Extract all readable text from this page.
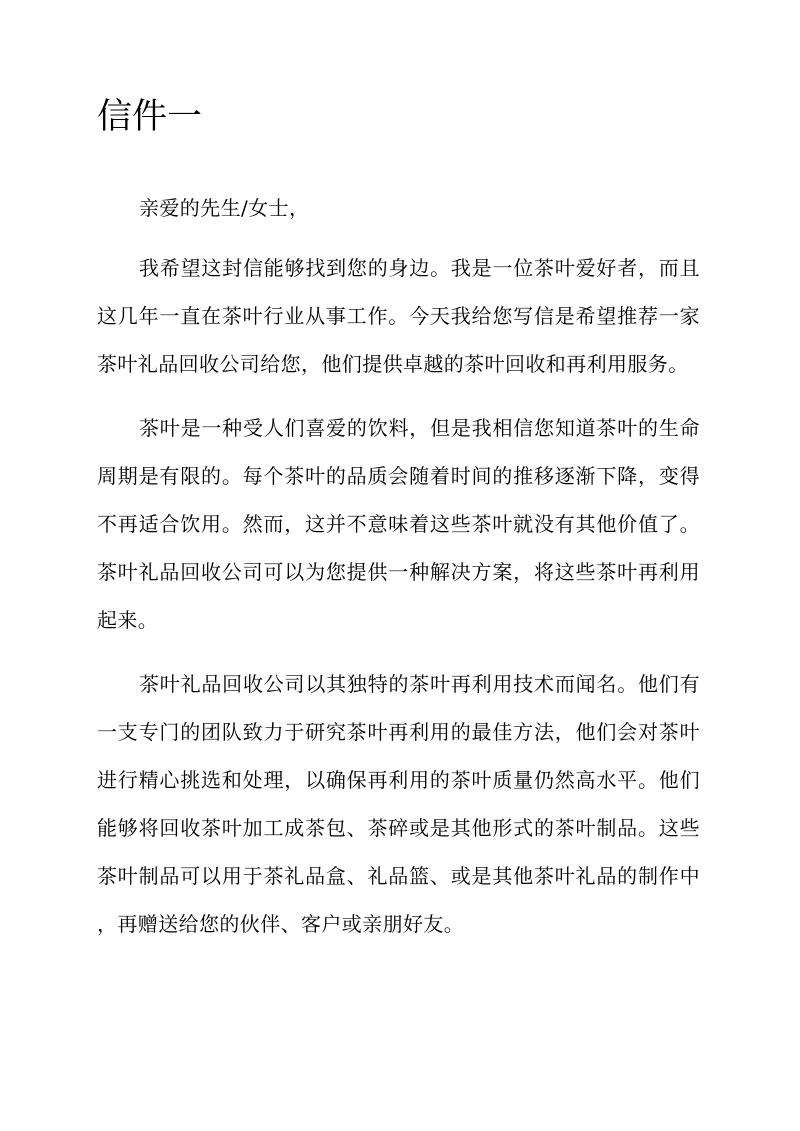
信件一
亲爱的先生/女士，
我希望这封信能够找到您的身边。我是一位茶叶爱好者，而且
这几年一直在茶叶行业从事工作。今天我给您写信是希望推荐一家
茶叶礼品回收公司给您，他们提供卓越的茶叶回收和再利用服务。
茶叶是一种受人们喜爱的饮料，但是我相信您知道茶叶的生命
周期是有限的。每个茶叶的品质会随着时间的推移逐渐下降，变得
不再适合饮用。然而，这并不意味着这些茶叶就没有其他价值了。
茶叶礼品回收公司可以为您提供一种解决方案，将这些茶叶再利用
起来。
茶叶礼品回收公司以其独特的茶叶再利用技术而闻名。他们有
一支专门的团队致力于研究茶叶再利用的最佳方法，他们会对茶叶
进行精心挑选和处理，以确保再利用的茶叶质量仍然高水平。他们
能够将回收茶叶加工成茶包、茶碎或是其他形式的茶叶制品。这些
茶叶制品可以用于茶礼品盒、礼品篮、或是其他茶叶礼品的制作中
，再赠送给您的伙伴、客户或亲朋好友。
